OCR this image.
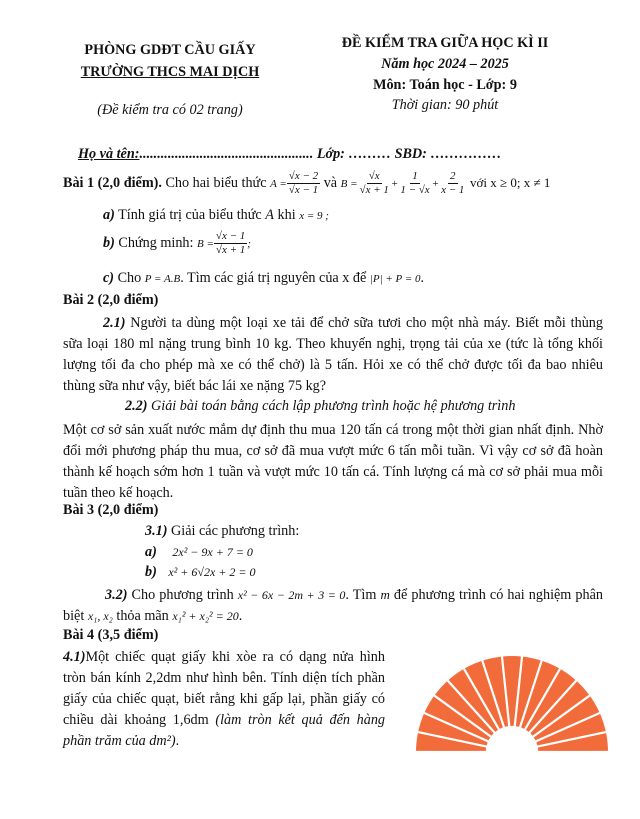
PHÒNG GDĐT CẦU GIẤY
TRƯỜNG THCS MAI DỊCH
(Đề kiểm tra có 02 trang)
ĐỀ KIỂM TRA GIỮA HỌC KÌ II
Năm học 2024 – 2025
Môn: Toán học - Lớp: 9
Thời gian: 90 phút
Họ và tên:................................................. Lớp: ……… SBD: ……………
Bài 1 (2,0 điểm). Cho hai biểu thức $A = \frac{√x - 2}{√x - 1}$ và $B = \frac{√x}{√x + 1} + \frac{1}{1 - √x} + \frac{2}{x - 1}$ với x ≥ 0; x ≠ 1
a) Tính giá trị của biểu thức A khi x = 9 ;
b) Chứng minh: $B = \frac{√x - 1}{√x + 1}$ ;
c) Cho P = A.B. Tìm các giá trị nguyên của x để |P| + P = 0.
Bài 2 (2,0 điểm)
2.1) Người ta dùng một loại xe tải để chở sữa tươi cho một nhà máy. Biết mỗi thùng sữa loại 180 ml nặng trung bình 10 kg. Theo khuyến nghị, trọng tải của xe (tức là tổng khối lượng tối đa cho phép mà xe có thể chở) là 5 tấn. Hỏi xe có thể chở được tối đa bao nhiêu thùng sữa như vậy, biết bác lái xe nặng 75 kg?
2.2) Giải bài toán bằng cách lập phương trình hoặc hệ phương trình
Một cơ sở sản xuất nước mắm dự định thu mua 120 tấn cá trong một thời gian nhất định. Nhờ đổi mới phương pháp thu mua, cơ sở đã mua vượt mức 6 tấn mỗi tuần. Vì vậy cơ sở đã hoàn thành kế hoạch sớm hơn 1 tuần và vượt mức 10 tấn cá. Tính lượng cá mà cơ sở phải mua mỗi tuần theo kế hoạch.
Bài 3 (2,0 điểm)
3.1) Giải các phương trình:
a) 2x² − 9x + 7 = 0
b) x² + 6√2x + 2 = 0
3.2) Cho phương trình x² − 6x − 2m + 3 = 0. Tìm m để phương trình có hai nghiệm phân biệt x₁, x₂ thỏa mãn x₁² + x₂² = 20.
Bài 4 (3,5 điểm)
4.1)Một chiếc quạt giấy khi xòe ra có dạng nửa hình tròn bán kính 2,2dm như hình bên. Tính diện tích phần giấy của chiếc quạt, biết rằng khi gấp lại, phần giấy có chiều dài khoảng 1,6dm (làm tròn kết quả đến hàng phần trăm của dm²).
